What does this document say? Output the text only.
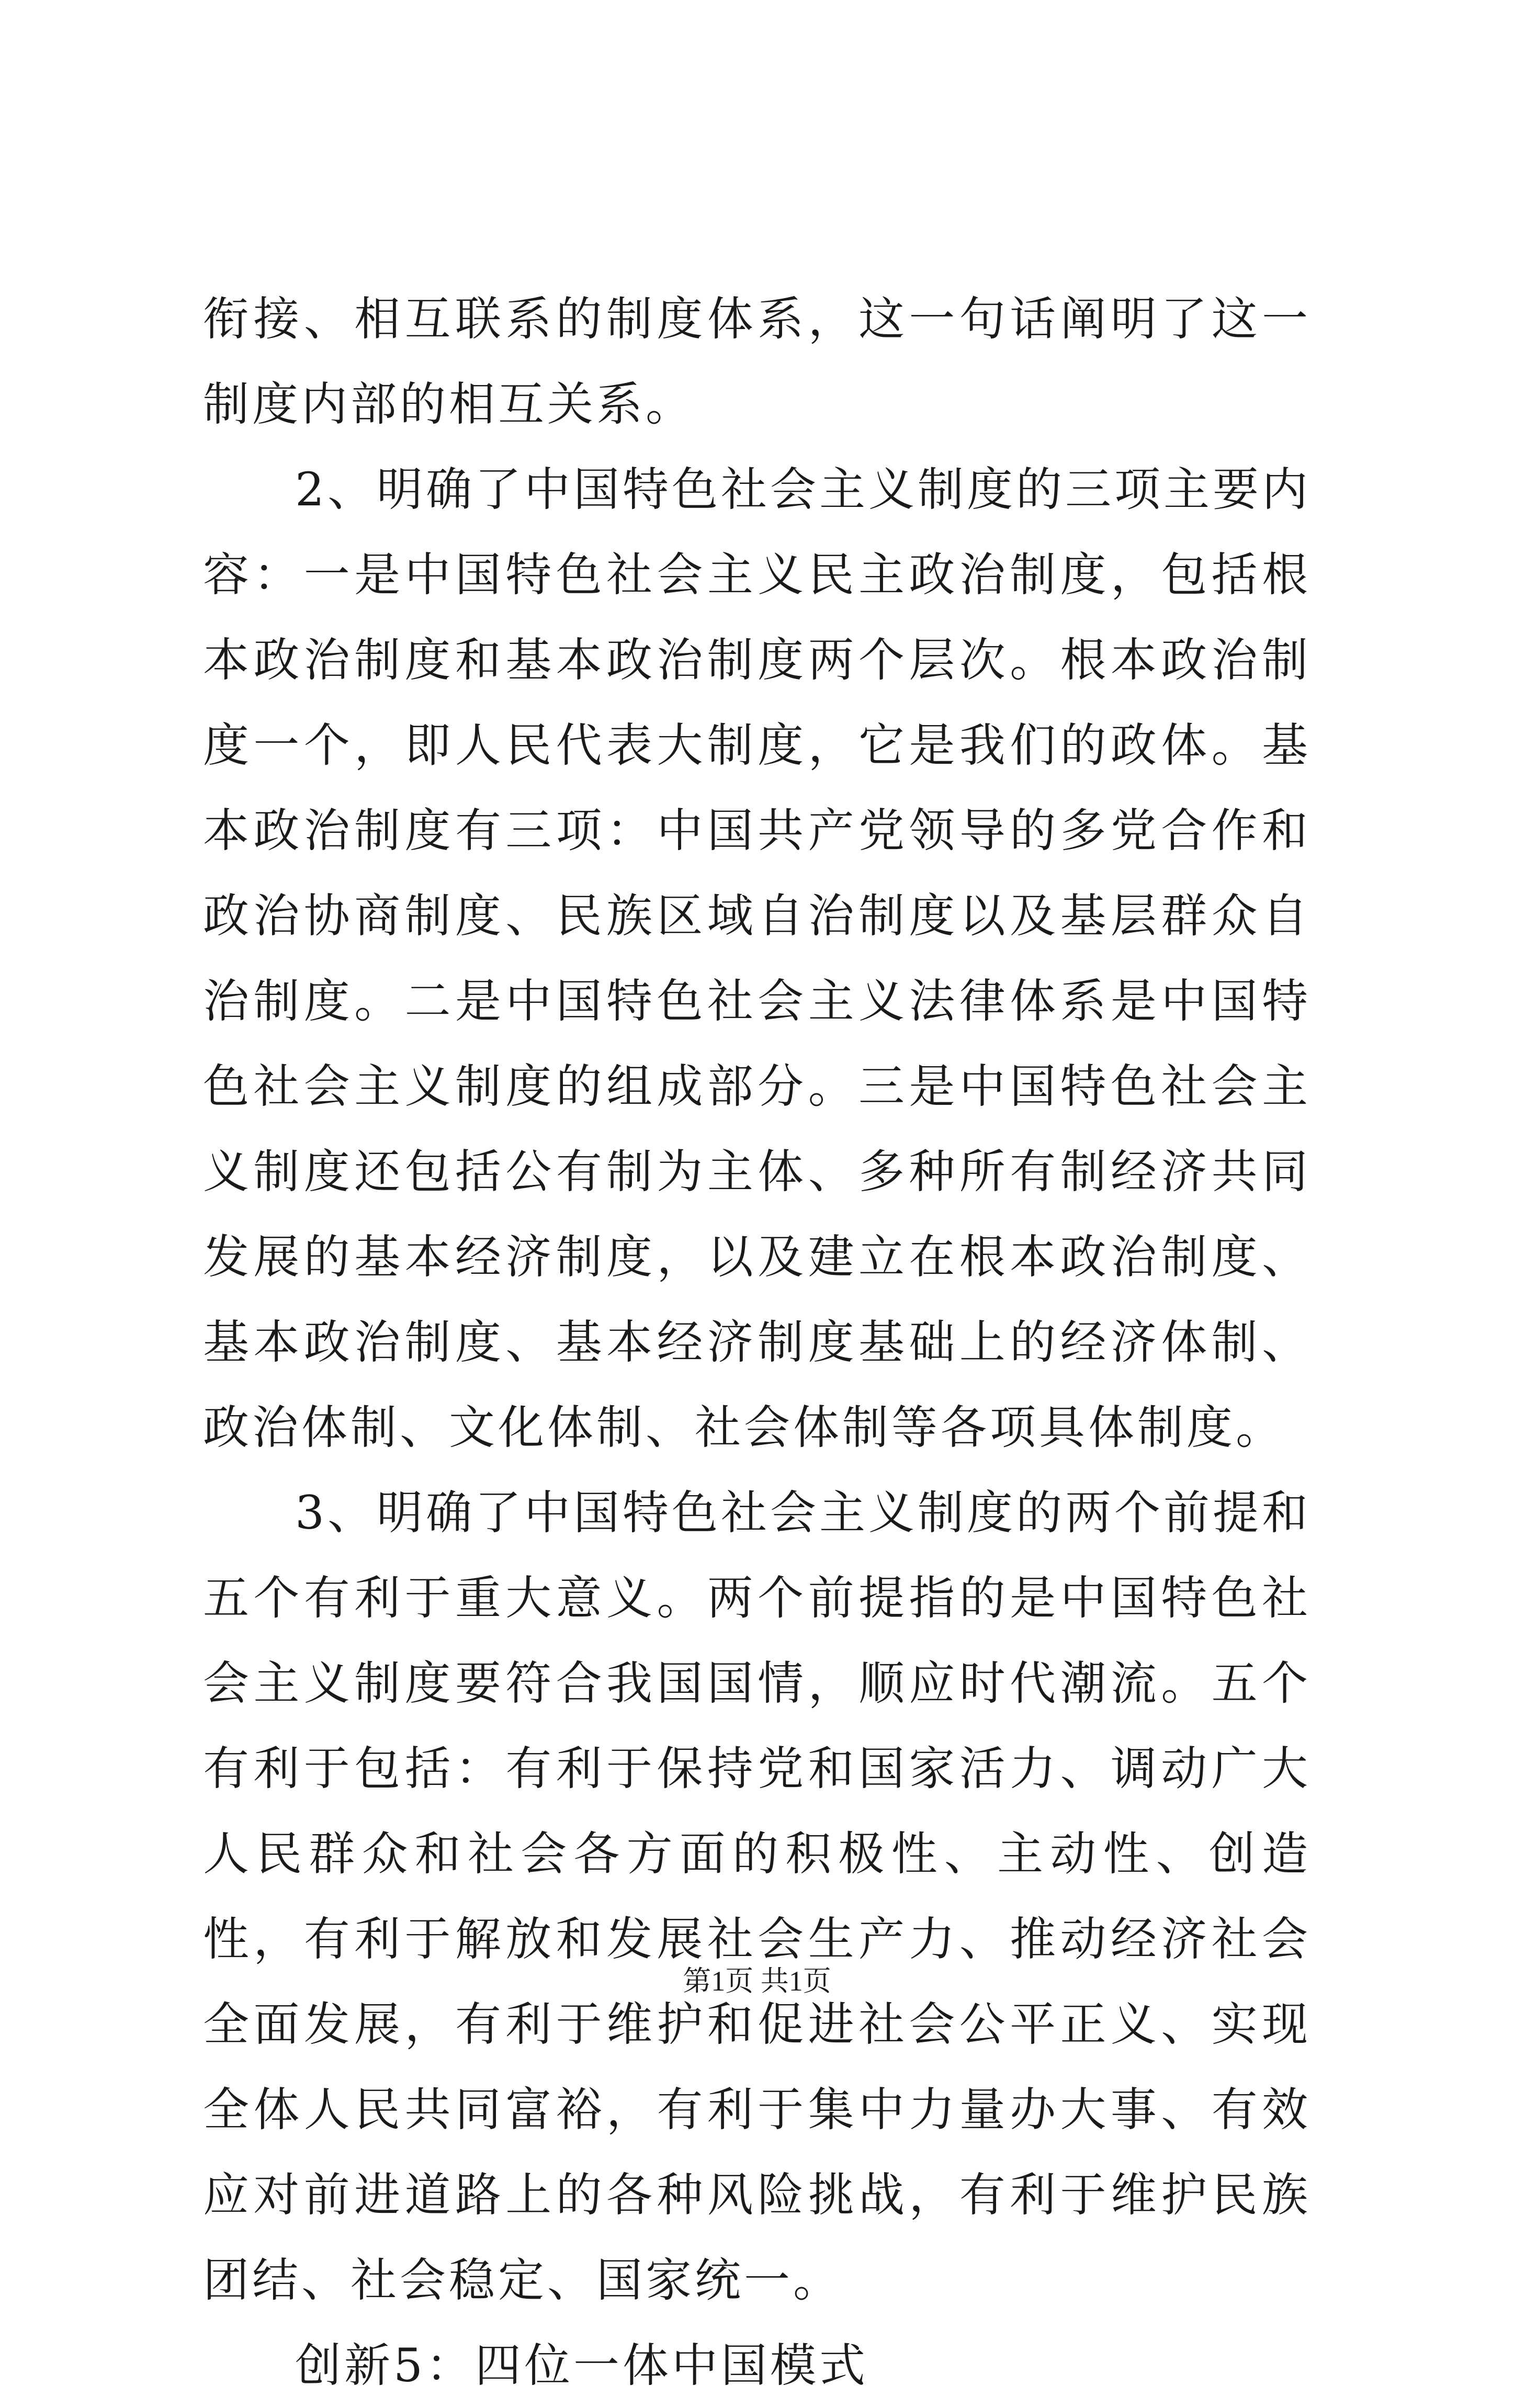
衔接、相互联系的制度体系，这一句话阐明了这一制度内部的相互关系。

2、明确了中国特色社会主义制度的三项主要内容：一是中国特色社会主义民主政治制度，包括根本政治制度和基本政治制度两个层次。根本政治制度一个，即人民代表大制度，它是我们的政体。基本政治制度有三项：中国共产党领导的多党合作和政治协商制度、民族区域自治制度以及基层群众自治制度。二是中国特色社会主义法律体系是中国特色社会主义制度的组成部分。三是中国特色社会主义制度还包括公有制为主体、多种所有制经济共同发展的基本经济制度，以及建立在根本政治制度、基本政治制度、基本经济制度基础上的经济体制、政治体制、文化体制、社会体制等各项具体制度。

3、明确了中国特色社会主义制度的两个前提和五个有利于重大意义。两个前提指的是中国特色社会主义制度要符合我国国情，顺应时代潮流。五个有利于包括：有利于保持党和国家活力、调动广大人民群众和社会各方面的积极性、主动性、创造性，有利于解放和发展社会生产力、推动经济社会全面发展，有利于维护和促进社会公平正义、实现全体人民共同富裕，有利于集中力量办大事、有效应对前进道路上的各种风险挑战，有利于维护民族团结、社会稳定、国家统一。

创新5：四位一体中国模式

第1页 共1页
